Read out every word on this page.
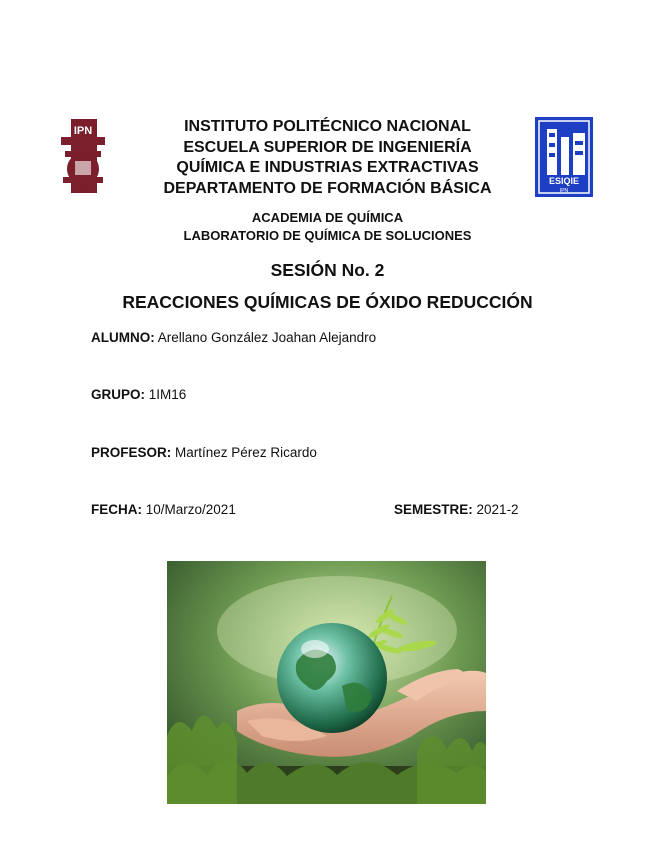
IPN
ESIQIE
IPN
INSTITUTO POLITÉCNICO NACIONAL
ESCUELA SUPERIOR DE INGENIERÍA
QUÍMICA E INDUSTRIAS EXTRACTIVAS
DEPARTAMENTO DE FORMACIÓN BÁSICA
ACADEMIA DE QUÍMICA
LABORATORIO DE QUÍMICA DE SOLUCIONES
SESIÓN No. 2
REACCIONES QUÍMICAS DE ÓXIDO REDUCCIÓN
ALUMNO: Arellano González Joahan Alejandro
GRUPO: 1IM16
PROFESOR: Martínez Pérez Ricardo
FECHA: 10/Marzo/2021	SEMESTRE: 2021-2
